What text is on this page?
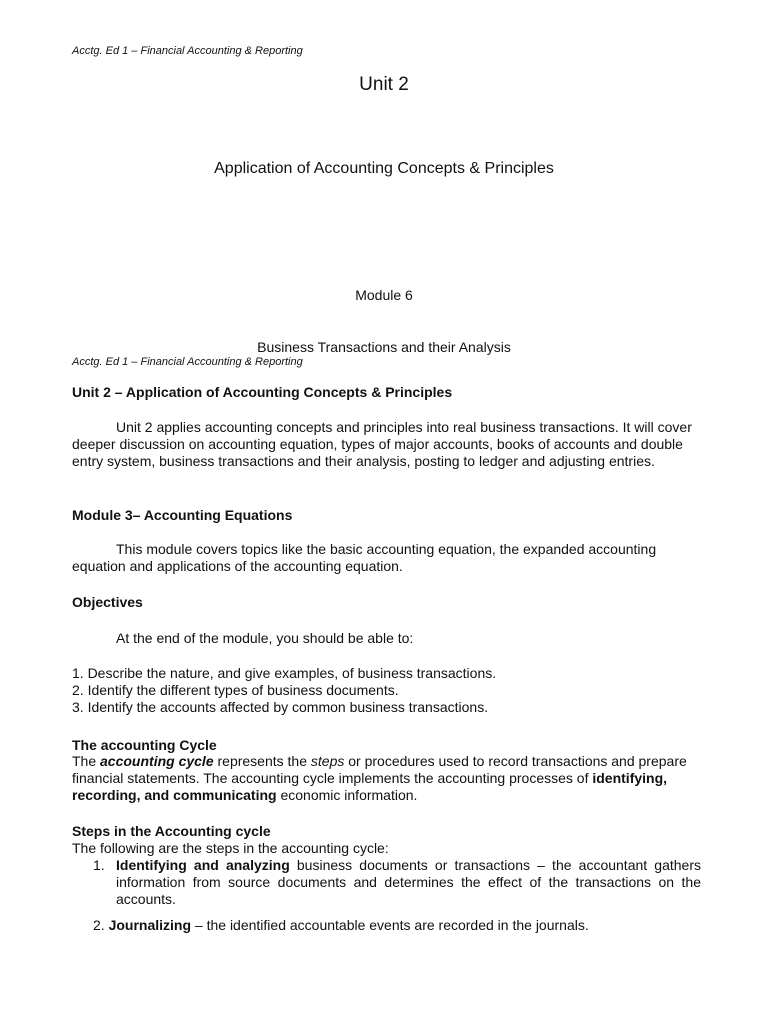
Acctg. Ed 1 – Financial Accounting & Reporting
Unit 2
Application of Accounting Concepts & Principles
Module 6
Business Transactions and their Analysis
Acctg. Ed 1 – Financial Accounting & Reporting
Unit 2 – Application of Accounting Concepts & Principles
Unit 2 applies accounting concepts and principles into real business transactions. It will cover deeper discussion on accounting equation, types of major accounts, books of accounts and double entry system, business transactions and their analysis, posting to ledger and adjusting entries.
Module 3– Accounting Equations
This module covers topics like the basic accounting equation, the expanded accounting equation and applications of the accounting equation.
Objectives
At the end of the module, you should be able to:
1. Describe the nature, and give examples, of business transactions.
2. Identify the different types of business documents.
3. Identify the accounts affected by common business transactions.
The accounting Cycle
The accounting cycle represents the steps or procedures used to record transactions and prepare financial statements. The accounting cycle implements the accounting processes of identifying, recording, and communicating economic information.
Steps in the Accounting cycle
The following are the steps in the accounting cycle:
1. Identifying and analyzing business documents or transactions – the accountant gathers information from source documents and determines the effect of the transactions on the accounts.
2. Journalizing – the identified accountable events are recorded in the journals.
